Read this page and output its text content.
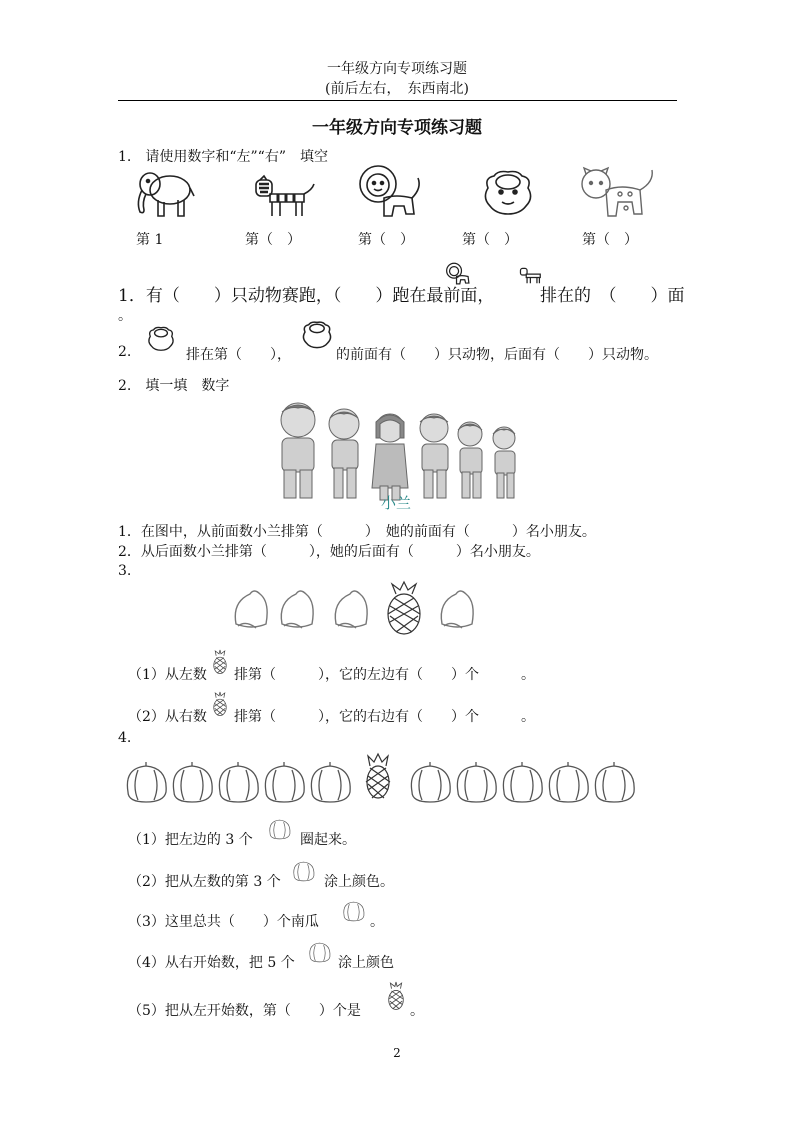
一年级方向专项练习题
(前后左右，　东西南北)
一年级方向专项练习题
1.　请使用数字和“左”“右”　填空
第 1	第（　）	第（　）	第（　）	第（　）
1．有（　　）只动物赛跑，（　　）跑在最前面，	排在的　（　　）面
。
2.	排在第（　　），	的前面有（　　）只动物，后面有（　　）只动物。
2.　填一填　数字
小兰
1．在图中，从前面数小兰排第（　　　）　她的前面有（　　　）名小朋友。
2．从后面数小兰排第（　　　），她的后面有（　　　）名小朋友。
3.
（1）从左数 排第（　　　），它的左边有（　　）个　　　。
（2）从右数 排第（　　　），它的右边有（　　）个　　　。
4.
（1）把左边的 3 个	圈起来。
（2）把从左数的第 3 个	涂上颜色。
（3）这里总共（　　）个南瓜	。
（4）从右开始数，把 5 个	涂上颜色
（5）把从左开始数，第（　　）个是	。
2
